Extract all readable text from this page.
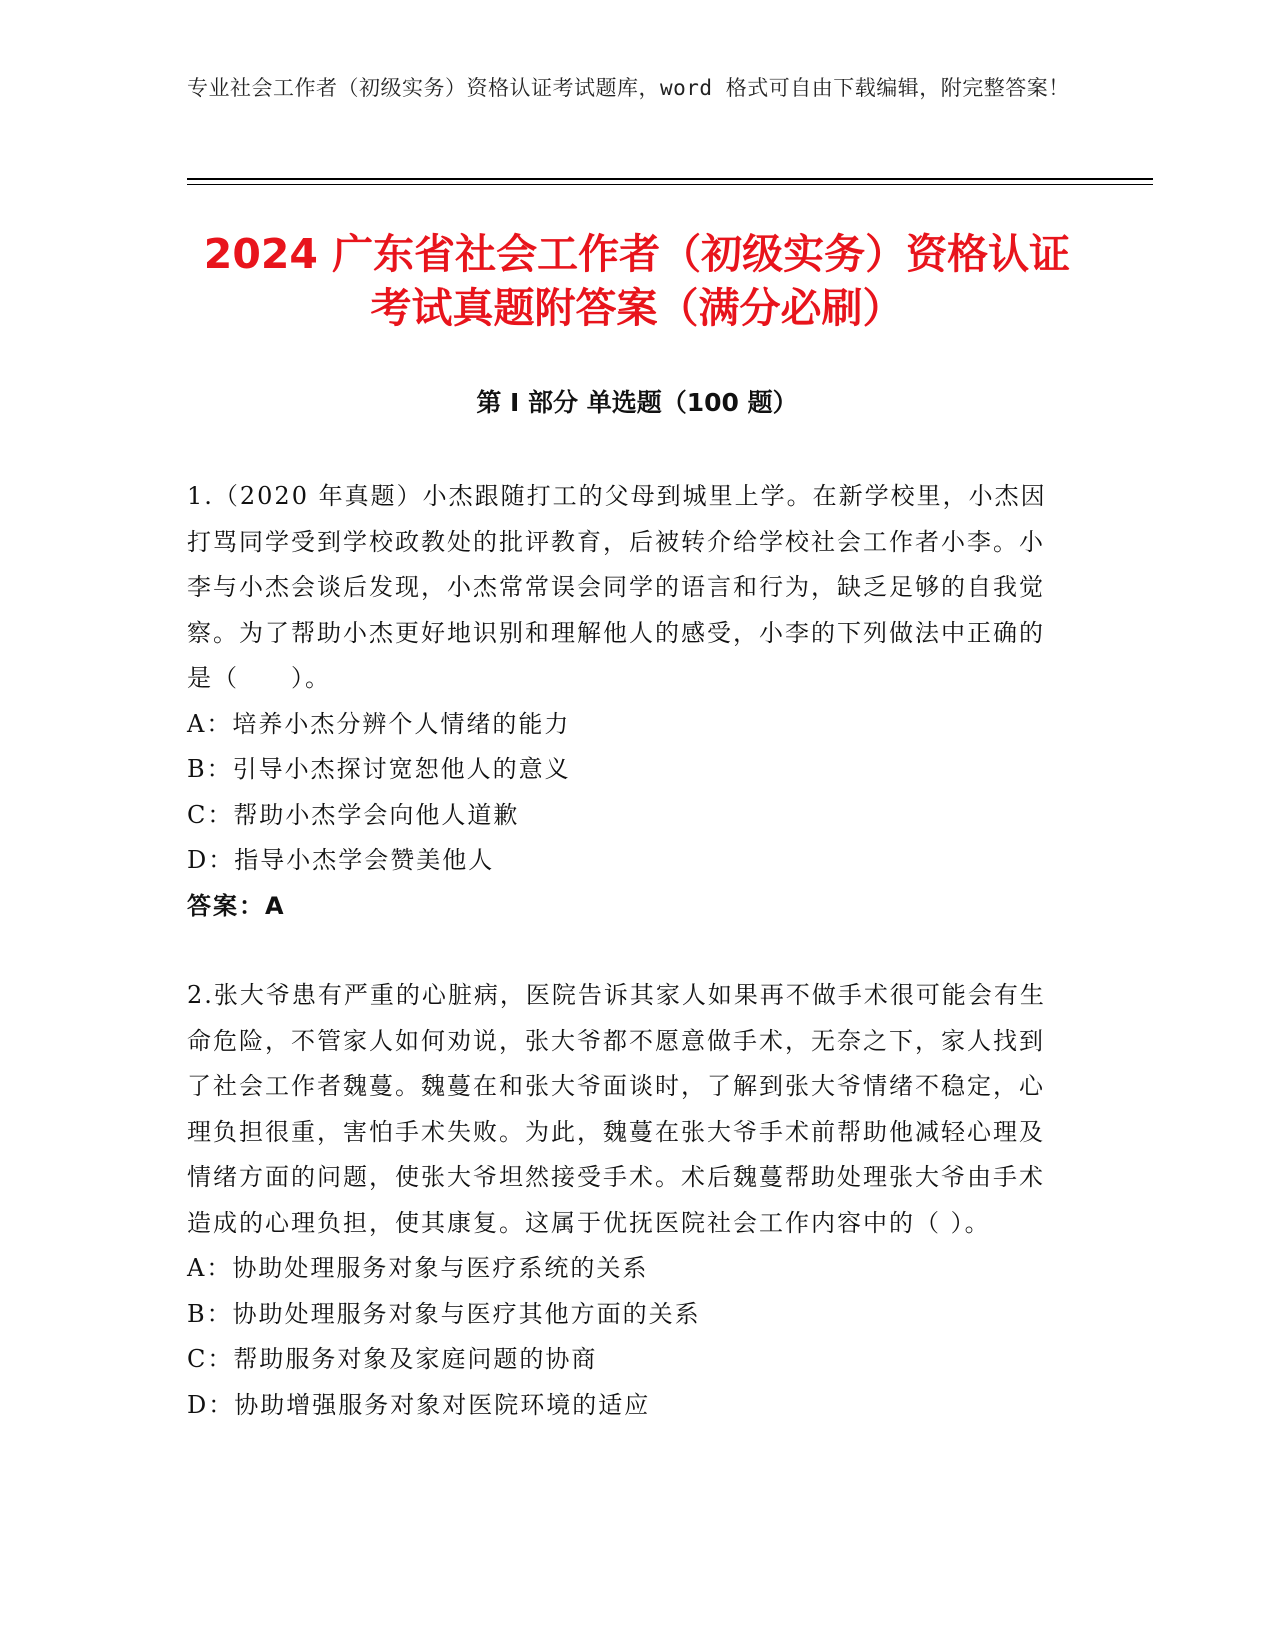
专业社会工作者（初级实务）资格认证考试题库，word 格式可自由下载编辑，附完整答案！
2024 广东省社会工作者（初级实务）资格认证考试真题附答案（满分必刷）
第 I 部分 单选题（100 题）

1.（2020 年真题）小杰跟随打工的父母到城里上学。在新学校里，小杰因打骂同学受到学校政教处的批评教育，后被转介给学校社会工作者小李。小李与小杰会谈后发现，小杰常常误会同学的语言和行为，缺乏足够的自我觉察。为了帮助小杰更好地识别和理解他人的感受，小李的下列做法中正确的是（　　）。

A：培养小杰分辨个人情绪的能力

B：引导小杰探讨宽恕他人的意义

C：帮助小杰学会向他人道歉

D：指导小杰学会赞美他人

答案：A

2.张大爷患有严重的心脏病，医院告诉其家人如果再不做手术很可能会有生命危险，不管家人如何劝说，张大爷都不愿意做手术，无奈之下，家人找到了社会工作者魏蔓。魏蔓在和张大爷面谈时，了解到张大爷情绪不稳定，心理负担很重，害怕手术失败。为此，魏蔓在张大爷手术前帮助他减轻心理及情绪方面的问题，使张大爷坦然接受手术。术后魏蔓帮助处理张大爷由手术造成的心理负担，使其康复。这属于优抚医院社会工作内容中的（ ）。

A：协助处理服务对象与医疗系统的关系

B：协助处理服务对象与医疗其他方面的关系

C：帮助服务对象及家庭问题的协商

D：协助增强服务对象对医院环境的适应
